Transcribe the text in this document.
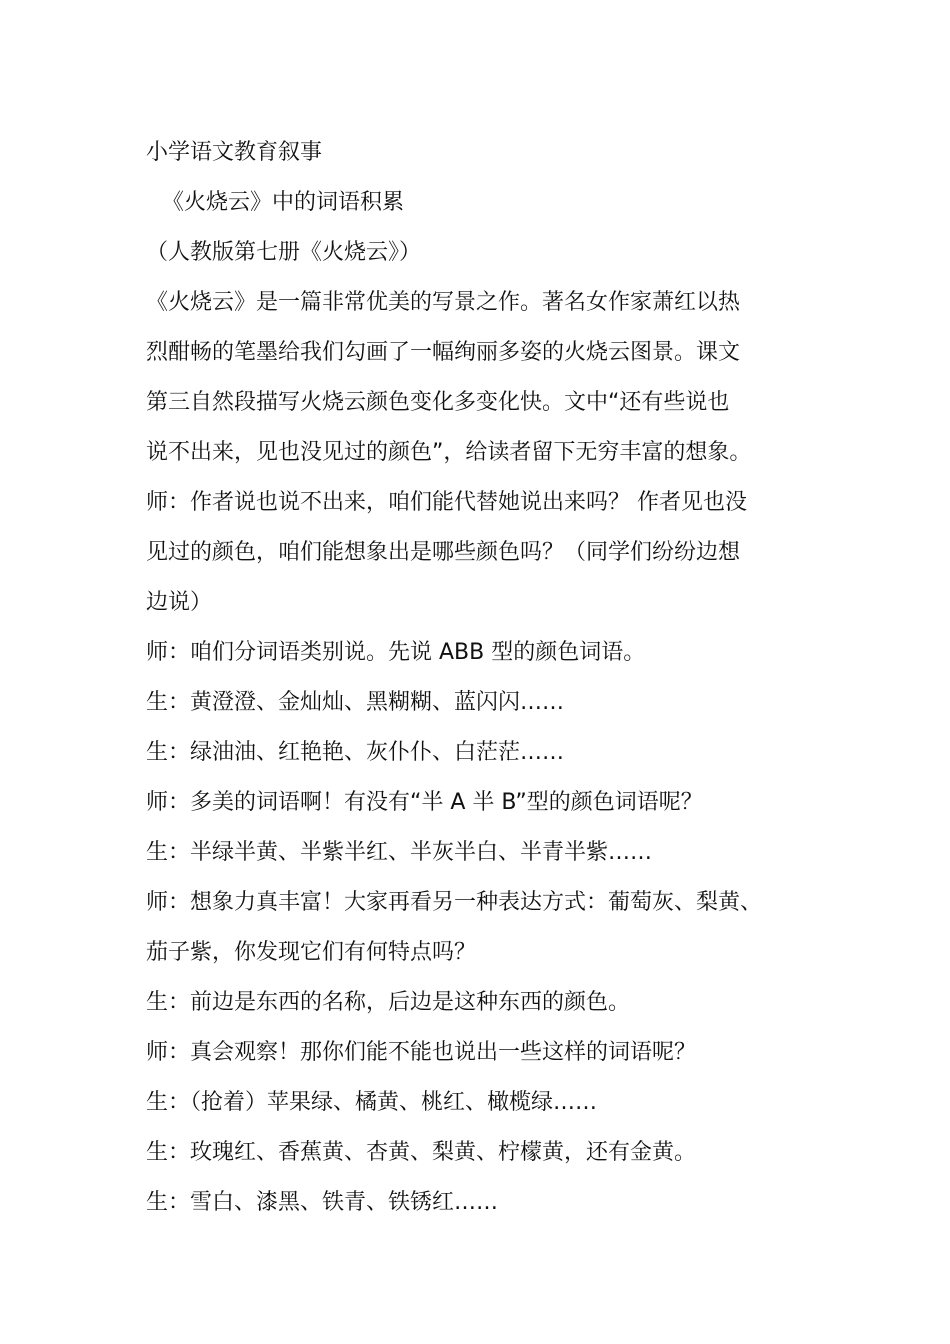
小学语文教育叙事
《火烧云》中的词语积累
（人教版第七册《火烧云》）
《火烧云》是一篇非常优美的写景之作。著名女作家萧红以热
烈酣畅的笔墨给我们勾画了一幅绚丽多姿的火烧云图景。课文
第三自然段描写火烧云颜色变化多变化快。文中“还有些说也
说不出来，见也没见过的颜色”，给读者留下无穷丰富的想象。
师：作者说也说不出来，咱们能代替她说出来吗？ 作者见也没
见过的颜色，咱们能想象出是哪些颜色吗？（同学们纷纷边想
边说）
师：咱们分词语类别说。先说 ABB 型的颜色词语。
生：黄澄澄、金灿灿、黑糊糊、蓝闪闪……
生：绿油油、红艳艳、灰仆仆、白茫茫……
师：多美的词语啊！有没有“半 A 半 B”型的颜色词语呢？
生：半绿半黄、半紫半红、半灰半白、半青半紫……
师：想象力真丰富！大家再看另一种表达方式：葡萄灰、梨黄、
茄子紫，你发现它们有何特点吗？
生：前边是东西的名称，后边是这种东西的颜色。
师：真会观察！那你们能不能也说出一些这样的词语呢？
生：（抢着）苹果绿、橘黄、桃红、橄榄绿……
生：玫瑰红、香蕉黄、杏黄、梨黄、柠檬黄，还有金黄。
生：雪白、漆黑、铁青、铁锈红……
